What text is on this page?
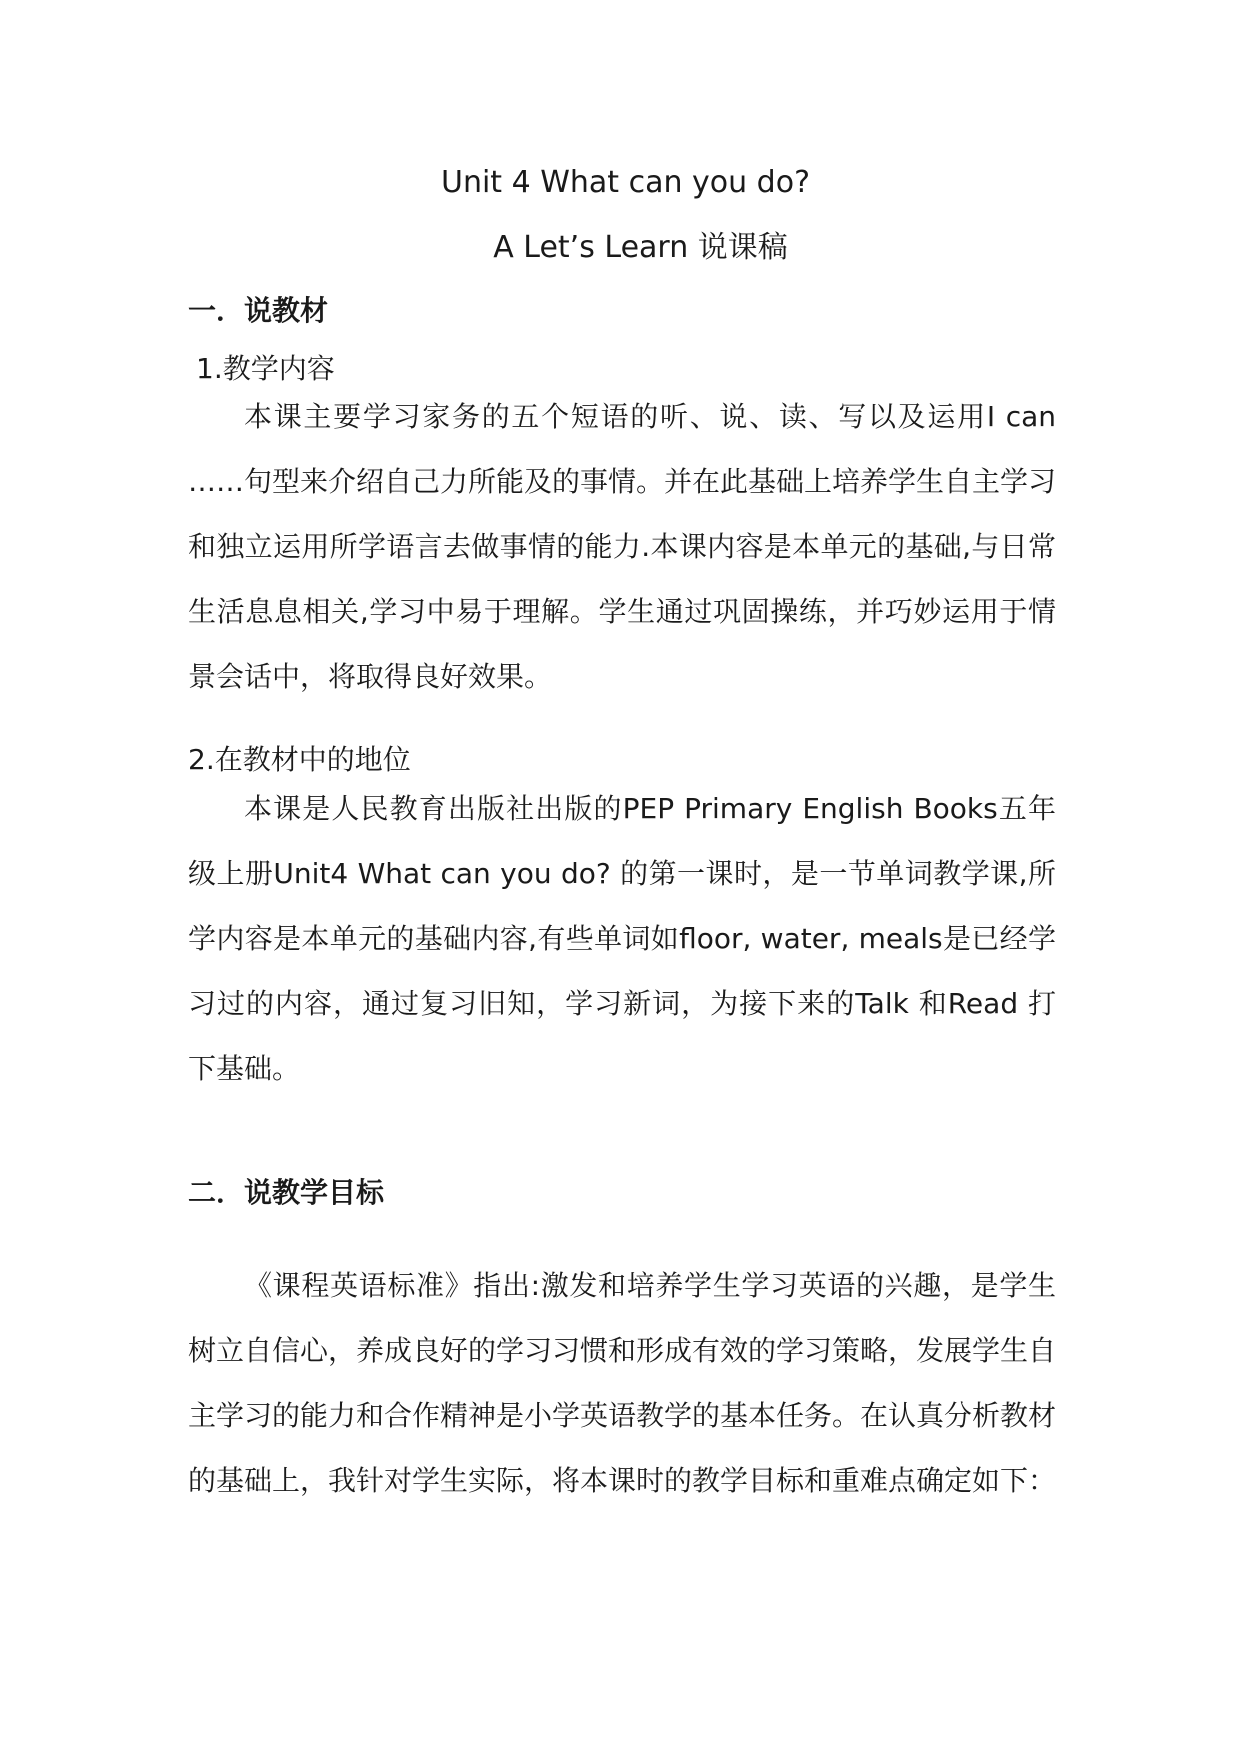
Unit 4 What can you do?
A Let’s Learn 说课稿
一．说教材
1.教学内容

本课主要学习家务的五个短语的听、说、读、写以及运用I can ……句型来介绍自己力所能及的事情。并在此基础上培养学生自主学习和独立运用所学语言去做事情的能力.本课内容是本单元的基础,与日常生活息息相关,学习中易于理解。学生通过巩固操练，并巧妙运用于情景会话中，将取得良好效果。

2.在教材中的地位

本课是人民教育出版社出版的PEP Primary English Books五年级上册Unit4 What can you do? 的第一课时，是一节单词教学课,所学内容是本单元的基础内容,有些单词如floor, water, meals是已经学习过的内容，通过复习旧知，学习新词，为接下来的Talk 和Read 打下基础。

二．说教学目标

《课程英语标准》指出:激发和培养学生学习英语的兴趣，是学生树立自信心，养成良好的学习习惯和形成有效的学习策略，发展学生自主学习的能力和合作精神是小学英语教学的基本任务。在认真分析教材的基础上，我针对学生实际，将本课时的教学目标和重难点确定如下：
